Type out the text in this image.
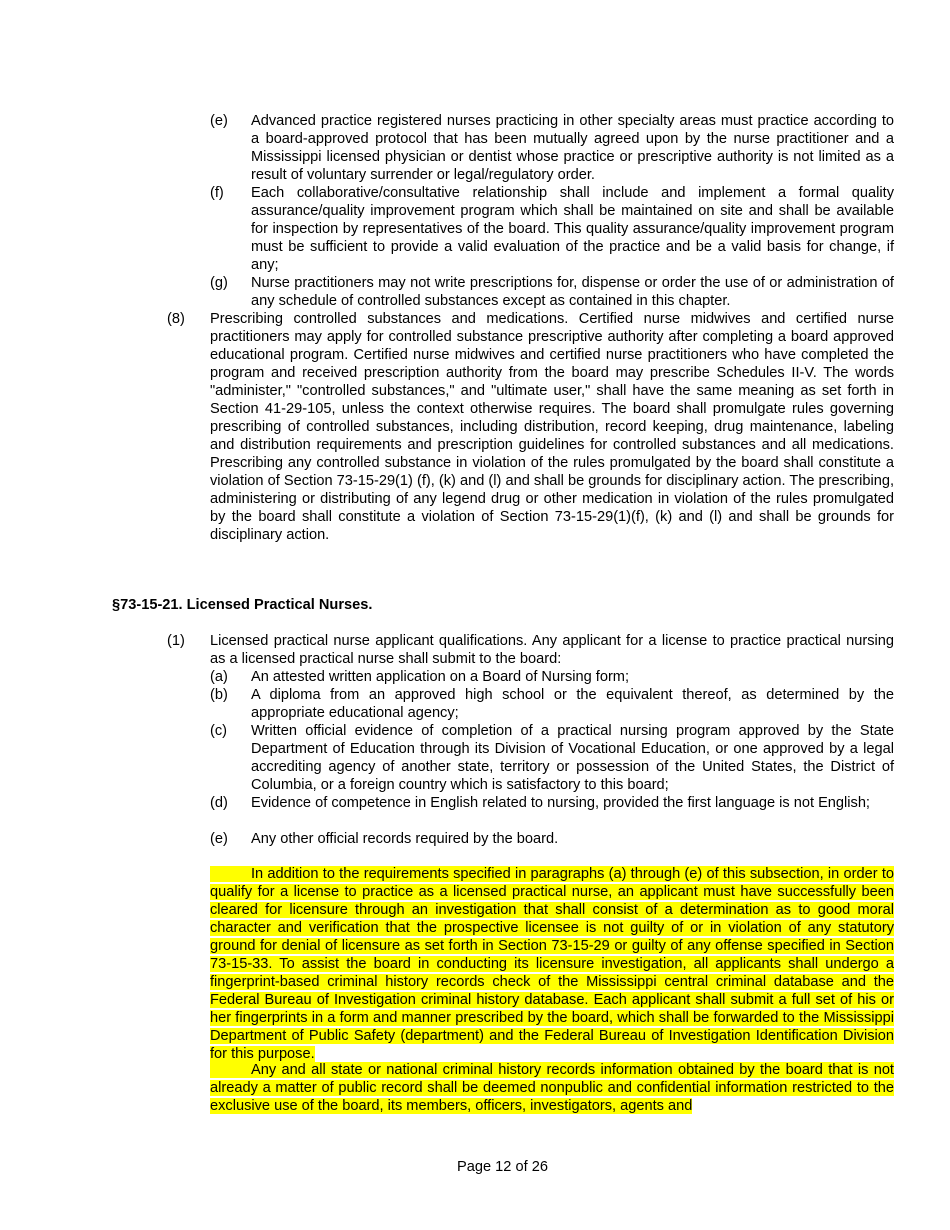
(e) Advanced practice registered nurses practicing in other specialty areas must practice according to a board-approved protocol that has been mutually agreed upon by the nurse practitioner and a Mississippi licensed physician or dentist whose practice or prescriptive authority is not limited as a result of voluntary surrender or legal/regulatory order.
(f) Each collaborative/consultative relationship shall include and implement a formal quality assurance/quality improvement program which shall be maintained on site and shall be available for inspection by representatives of the board. This quality assurance/quality improvement program must be sufficient to provide a valid evaluation of the practice and be a valid basis for change, if any;
(g) Nurse practitioners may not write prescriptions for, dispense or order the use of or administration of any schedule of controlled substances except as contained in this chapter.
(8) Prescribing controlled substances and medications. Certified nurse midwives and certified nurse practitioners may apply for controlled substance prescriptive authority after completing a board approved educational program. Certified nurse midwives and certified nurse practitioners who have completed the program and received prescription authority from the board may prescribe Schedules II-V. The words "administer," "controlled substances," and "ultimate user," shall have the same meaning as set forth in Section 41-29-105, unless the context otherwise requires. The board shall promulgate rules governing prescribing of controlled substances, including distribution, record keeping, drug maintenance, labeling and distribution requirements and prescription guidelines for controlled substances and all medications. Prescribing any controlled substance in violation of the rules promulgated by the board shall constitute a violation of Section 73-15-29(1) (f), (k) and (l) and shall be grounds for disciplinary action. The prescribing, administering or distributing of any legend drug or other medication in violation of the rules promulgated by the board shall constitute a violation of Section 73-15-29(1)(f), (k) and (l) and shall be grounds for disciplinary action.
§73-15-21. Licensed Practical Nurses.
(1) Licensed practical nurse applicant qualifications. Any applicant for a license to practice practical nursing as a licensed practical nurse shall submit to the board:
(a) An attested written application on a Board of Nursing form;
(b) A diploma from an approved high school or the equivalent thereof, as determined by the appropriate educational agency;
(c) Written official evidence of completion of a practical nursing program approved by the State Department of Education through its Division of Vocational Education, or one approved by a legal accrediting agency of another state, territory or possession of the United States, the District of Columbia, or a foreign country which is satisfactory to this board;
(d) Evidence of competence in English related to nursing, provided the first language is not English;
(e) Any other official records required by the board.
In addition to the requirements specified in paragraphs (a) through (e) of this subsection, in order to qualify for a license to practice as a licensed practical nurse, an applicant must have successfully been cleared for licensure through an investigation that shall consist of a determination as to good moral character and verification that the prospective licensee is not guilty of or in violation of any statutory ground for denial of licensure as set forth in Section 73-15-29 or guilty of any offense specified in Section 73-15-33. To assist the board in conducting its licensure investigation, all applicants shall undergo a fingerprint-based criminal history records check of the Mississippi central criminal database and the Federal Bureau of Investigation criminal history database. Each applicant shall submit a full set of his or her fingerprints in a form and manner prescribed by the board, which shall be forwarded to the Mississippi Department of Public Safety (department) and the Federal Bureau of Investigation Identification Division for this purpose.
Any and all state or national criminal history records information obtained by the board that is not already a matter of public record shall be deemed nonpublic and confidential information restricted to the exclusive use of the board, its members, officers, investigators, agents and
Page 12 of 26
